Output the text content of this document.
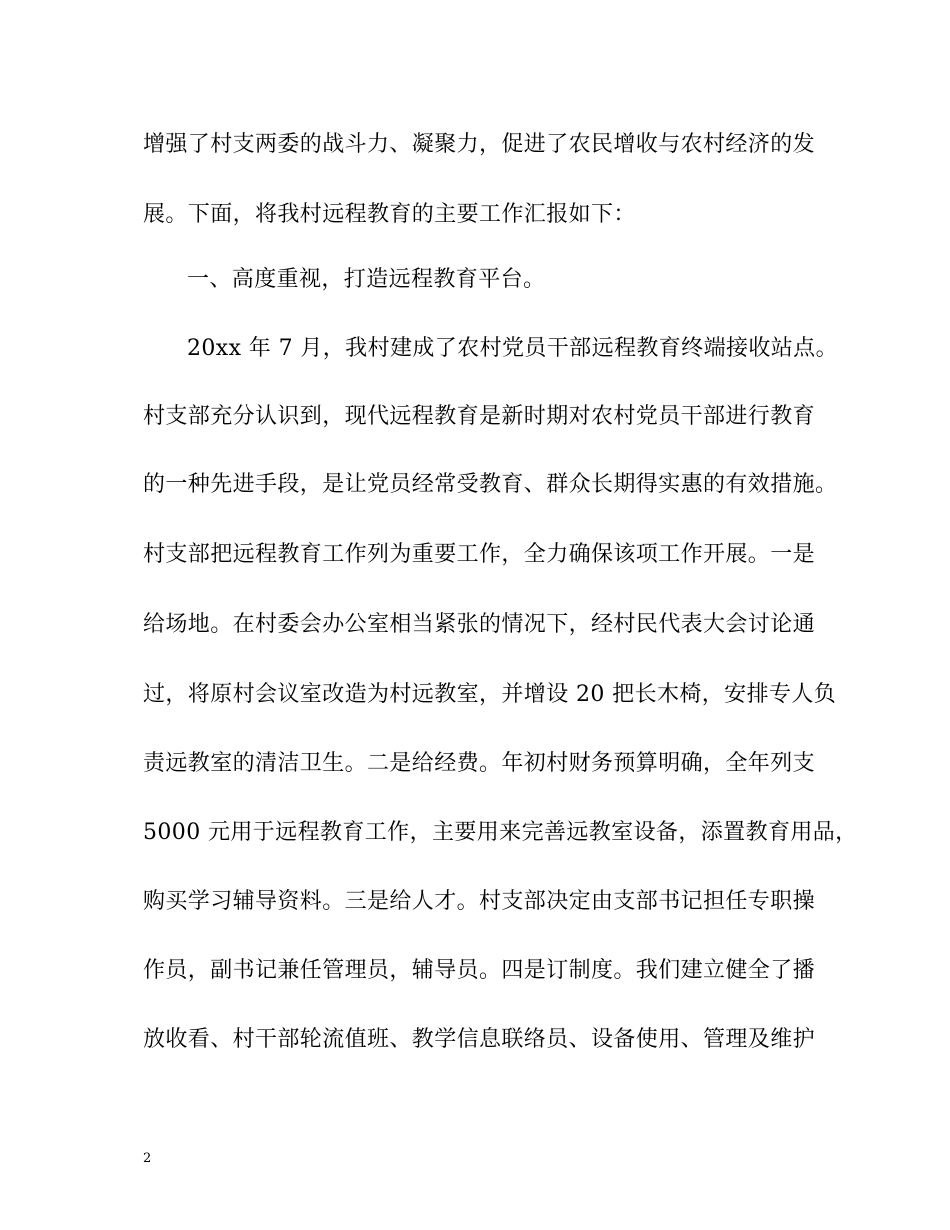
增强了村支两委的战斗力、凝聚力，促进了农民增收与农村经济的发
展。下面，将我村远程教育的主要工作汇报如下：
一、高度重视，打造远程教育平台。
20xx 年 7 月，我村建成了农村党员干部远程教育终端接收站点。
村支部充分认识到，现代远程教育是新时期对农村党员干部进行教育
的一种先进手段，是让党员经常受教育、群众长期得实惠的有效措施。
村支部把远程教育工作列为重要工作，全力确保该项工作开展。一是
给场地。在村委会办公室相当紧张的情况下，经村民代表大会讨论通
过，将原村会议室改造为村远教室，并增设 20 把长木椅，安排专人负
责远教室的清洁卫生。二是给经费。年初村财务预算明确，全年列支
5000 元用于远程教育工作，主要用来完善远教室设备，添置教育用品，
购买学习辅导资料。三是给人才。村支部决定由支部书记担任专职操
作员，副书记兼任管理员，辅导员。四是订制度。我们建立健全了播
放收看、村干部轮流值班、教学信息联络员、设备使用、管理及维护
2
